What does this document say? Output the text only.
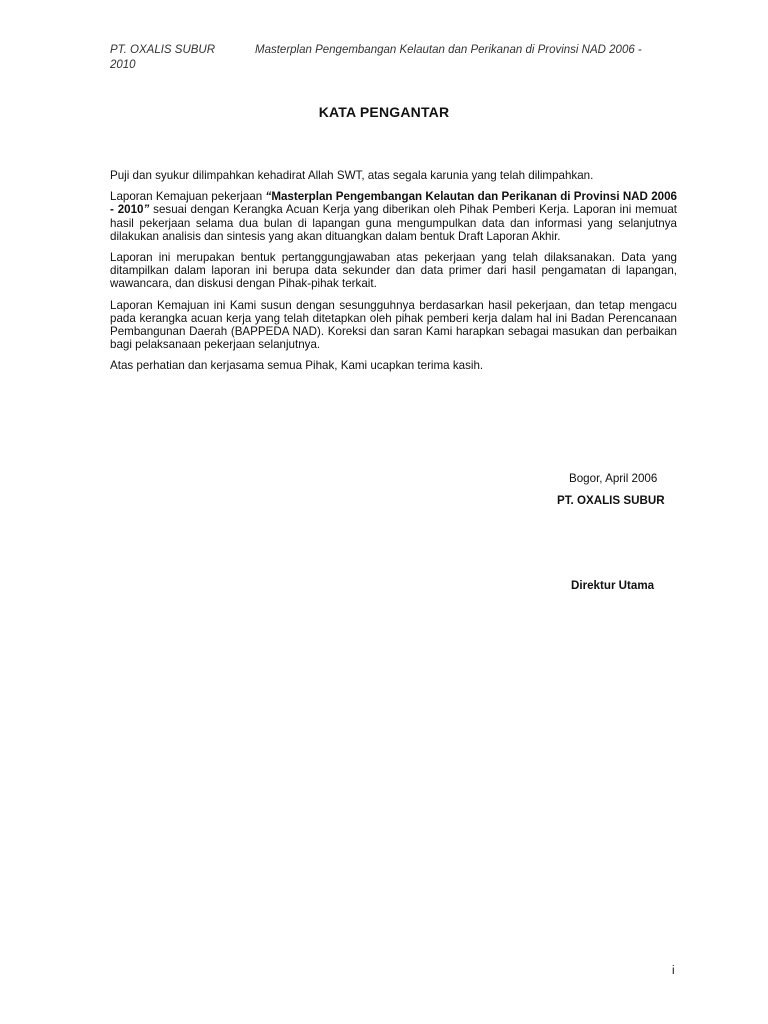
PT. OXALIS SUBUR	Masterplan Pengembangan Kelautan dan Perikanan di Provinsi NAD 2006 -
2010
KATA PENGANTAR

Puji dan syukur dilimpahkan kehadirat Allah SWT, atas segala karunia yang telah dilimpahkan.

Laporan Kemajuan pekerjaan “Masterplan Pengembangan Kelautan dan Perikanan di Provinsi NAD 2006 - 2010” sesuai dengan Kerangka Acuan Kerja yang diberikan oleh Pihak Pemberi Kerja. Laporan ini memuat hasil pekerjaan selama dua bulan di lapangan guna mengumpulkan data dan informasi yang selanjutnya dilakukan analisis dan sintesis yang akan dituangkan dalam bentuk Draft Laporan Akhir.

Laporan ini merupakan bentuk pertanggungjawaban atas pekerjaan yang telah dilaksanakan. Data yang ditampilkan dalam laporan ini berupa data sekunder dan data primer dari hasil pengamatan di lapangan, wawancara, dan diskusi dengan Pihak-pihak terkait.

Laporan Kemajuan ini Kami susun dengan sesungguhnya berdasarkan hasil pekerjaan, dan tetap mengacu pada kerangka acuan kerja yang telah ditetapkan oleh pihak pemberi kerja dalam hal ini Badan Perencanaan Pembangunan Daerah (BAPPEDA NAD). Koreksi dan saran Kami harapkan sebagai masukan dan perbaikan bagi pelaksanaan pekerjaan selanjutnya.

Atas perhatian dan kerjasama semua Pihak, Kami ucapkan terima kasih.

Bogor, April 2006
PT. OXALIS SUBUR
Direktur Utama
i
